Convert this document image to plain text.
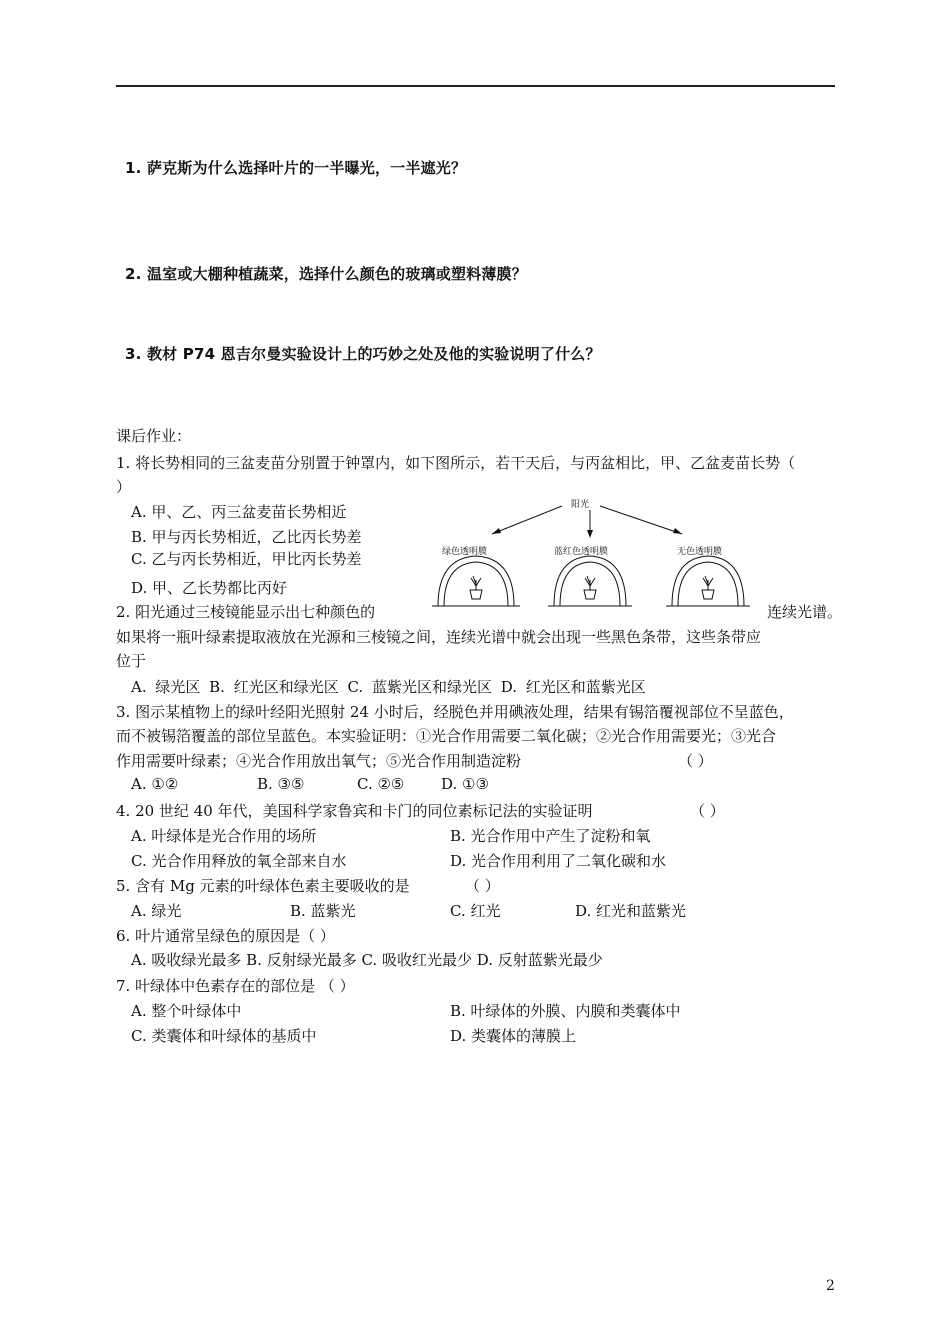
1. 萨克斯为什么选择叶片的一半曝光，一半遮光？
2. 温室或大棚种植蔬菜，选择什么颜色的玻璃或塑料薄膜？
3. 教材 P74 恩吉尔曼实验设计上的巧妙之处及他的实验说明了什么？
课后作业：
1. 将长势相同的三盆麦苗分别置于钟罩内，如下图所示，若干天后，与丙盆相比，甲、乙盆麦苗长势（
）
A. 甲、乙、丙三盆麦苗长势相近
B. 甲与丙长势相近，乙比丙长势差
C. 乙与丙长势相近，甲比丙长势差
D. 甲、乙长势都比丙好
阳光
绿色透明膜	蓝红色透明膜	无色透明膜
2. 阳光通过三棱镜能显示出七种颜色的	连续光谱。
如果将一瓶叶绿素提取液放在光源和三棱镜之间，连续光谱中就会出现一些黑色条带，这些条带应
位于
A. 绿光区 B. 红光区和绿光区 C. 蓝紫光区和绿光区 D. 红光区和蓝紫光区
3. 图示某植物上的绿叶经阳光照射 24 小时后，经脱色并用碘液处理，结果有锡箔覆视部位不呈蓝色，
而不被锡箔覆盖的部位呈蓝色。本实验证明：①光合作用需要二氧化碳；②光合作用需要光；③光合
作用需要叶绿素；④光合作用放出氧气；⑤光合作用制造淀粉	（ ）
A. ①②	B. ③⑤	C. ②⑤ D. ①③
4. 20 世纪 40 年代，美国科学家鲁宾和卡门的同位素标记法的实验证明	（ ）
A. 叶绿体是光合作用的场所	B. 光合作用中产生了淀粉和氧
C. 光合作用释放的氧全部来自水	D. 光合作用利用了二氧化碳和水
5. 含有 Mg 元素的叶绿体色素主要吸收的是	（ ）
A. 绿光	B. 蓝紫光	C. 红光	D. 红光和蓝紫光
6. 叶片通常呈绿色的原因是（ ）
A. 吸收绿光最多 B. 反射绿光最多 C. 吸收红光最少 D. 反射蓝紫光最少
7. 叶绿体中色素存在的部位是 （ ）
A. 整个叶绿体中	B. 叶绿体的外膜、内膜和类囊体中
C. 类囊体和叶绿体的基质中	D. 类囊体的薄膜上
2
